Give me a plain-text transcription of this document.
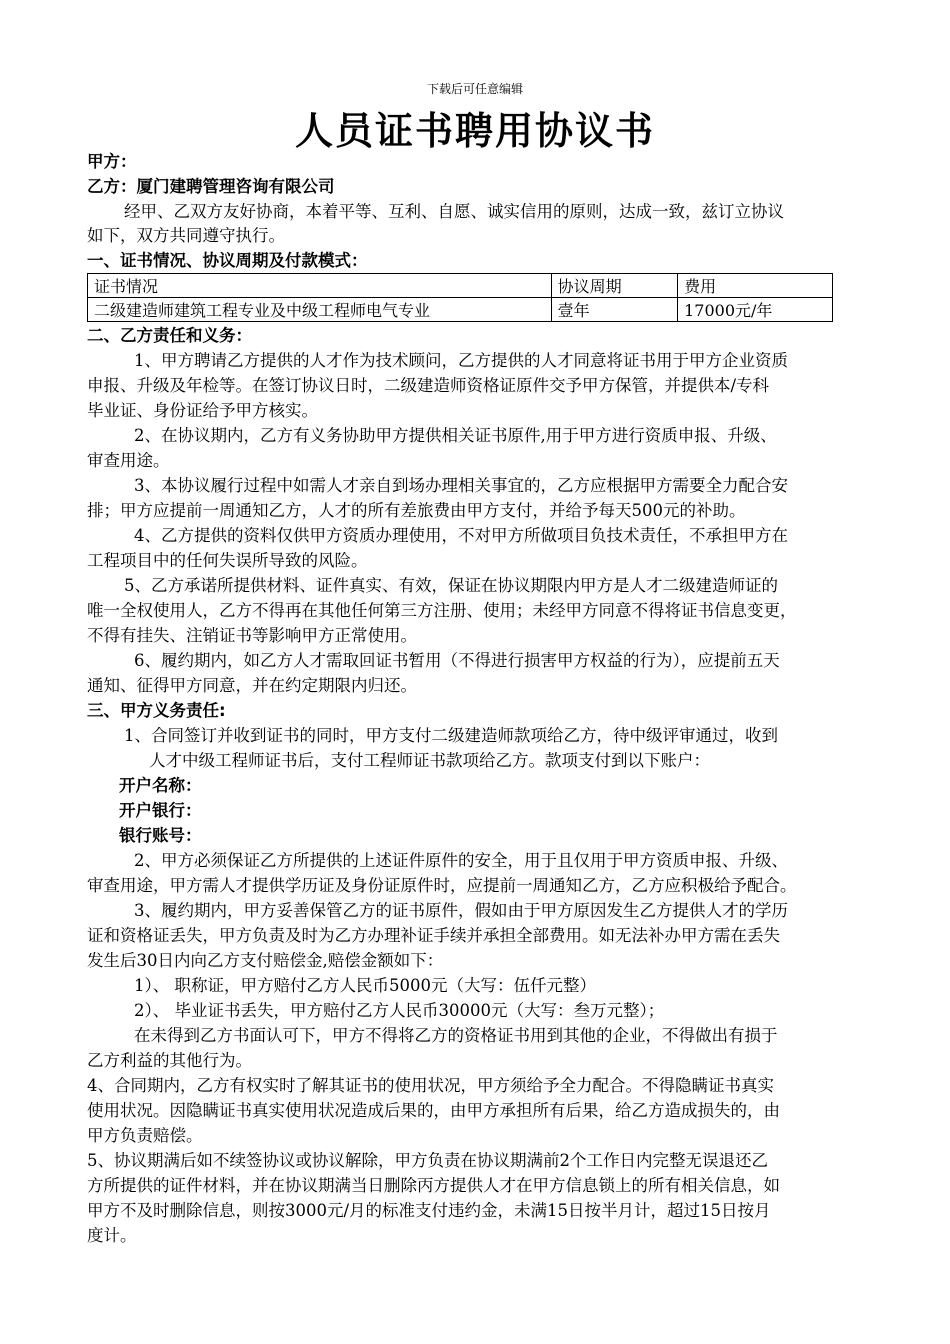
下载后可任意编辑
人员证书聘用协议书
甲方：
乙方：厦门建聘管理咨询有限公司
经甲、乙双方友好协商，本着平等、互利、自愿、诚实信用的原则，达成一致，兹订立协议
如下，双方共同遵守执行。
一、证书情况、协议周期及付款模式：
证书情况	协议周期	费用
二级建造师建筑工程专业及中级工程师电气专业	壹年	17000元/年
二、乙方责任和义务：
1、甲方聘请乙方提供的人才作为技术顾问，乙方提供的人才同意将证书用于甲方企业资质
申报、升级及年检等。在签订协议日时，二级建造师资格证原件交予甲方保管，并提供本/专科
毕业证、身份证给予甲方核实。
2、在协议期内，乙方有义务协助甲方提供相关证书原件,用于甲方进行资质申报、升级、
审查用途。
3、本协议履行过程中如需人才亲自到场办理相关事宜的，乙方应根据甲方需要全力配合安
排；甲方应提前一周通知乙方，人才的所有差旅费由甲方支付，并给予每天500元的补助。
4、乙方提供的资料仅供甲方资质办理使用，不对甲方所做项目负技术责任，不承担甲方在
工程项目中的任何失误所导致的风险。
5、乙方承诺所提供材料、证件真实、有效，保证在协议期限内甲方是人才二级建造师证的
唯一全权使用人，乙方不得再在其他任何第三方注册、使用；未经甲方同意不得将证书信息变更，
不得有挂失、注销证书等影响甲方正常使用。
6、履约期内，如乙方人才需取回证书暂用（不得进行损害甲方权益的行为），应提前五天
通知、征得甲方同意，并在约定期限内归还。
三、甲方义务责任:
1、合同签订并收到证书的同时，甲方支付二级建造师款项给乙方，待中级评审通过，收到
人才中级工程师证书后，支付工程师证书款项给乙方。款项支付到以下账户：
开户名称：
开户银行：
银行账号：
2、甲方必须保证乙方所提供的上述证件原件的安全，用于且仅用于甲方资质申报、升级、
审查用途，甲方需人才提供学历证及身份证原件时，应提前一周通知乙方，乙方应积极给予配合。
3、履约期内，甲方妥善保管乙方的证书原件，假如由于甲方原因发生乙方提供人才的学历
证和资格证丢失，甲方负责及时为乙方办理补证手续并承担全部费用。如无法补办甲方需在丢失
发生后30日内向乙方支付赔偿金,赔偿金额如下：
1）、 职称证，甲方赔付乙方人民币5000元（大写：伍仟元整）
2）、 毕业证书丢失，甲方赔付乙方人民币30000元（大写：叁万元整）；
在未得到乙方书面认可下，甲方不得将乙方的资格证书用到其他的企业，不得做出有损于
乙方利益的其他行为。
4、合同期内，乙方有权实时了解其证书的使用状况，甲方须给予全力配合。不得隐瞒证书真实
使用状况。因隐瞒证书真实使用状况造成后果的，由甲方承担所有后果，给乙方造成损失的，由
甲方负责赔偿。
5、协议期满后如不续签协议或协议解除，甲方负责在协议期满前2个工作日内完整无误退还乙
方所提供的证件材料，并在协议期满当日删除丙方提供人才在甲方信息锁上的所有相关信息，如
甲方不及时删除信息，则按3000元/月的标准支付违约金，未满15日按半月计，超过15日按月
度计。
